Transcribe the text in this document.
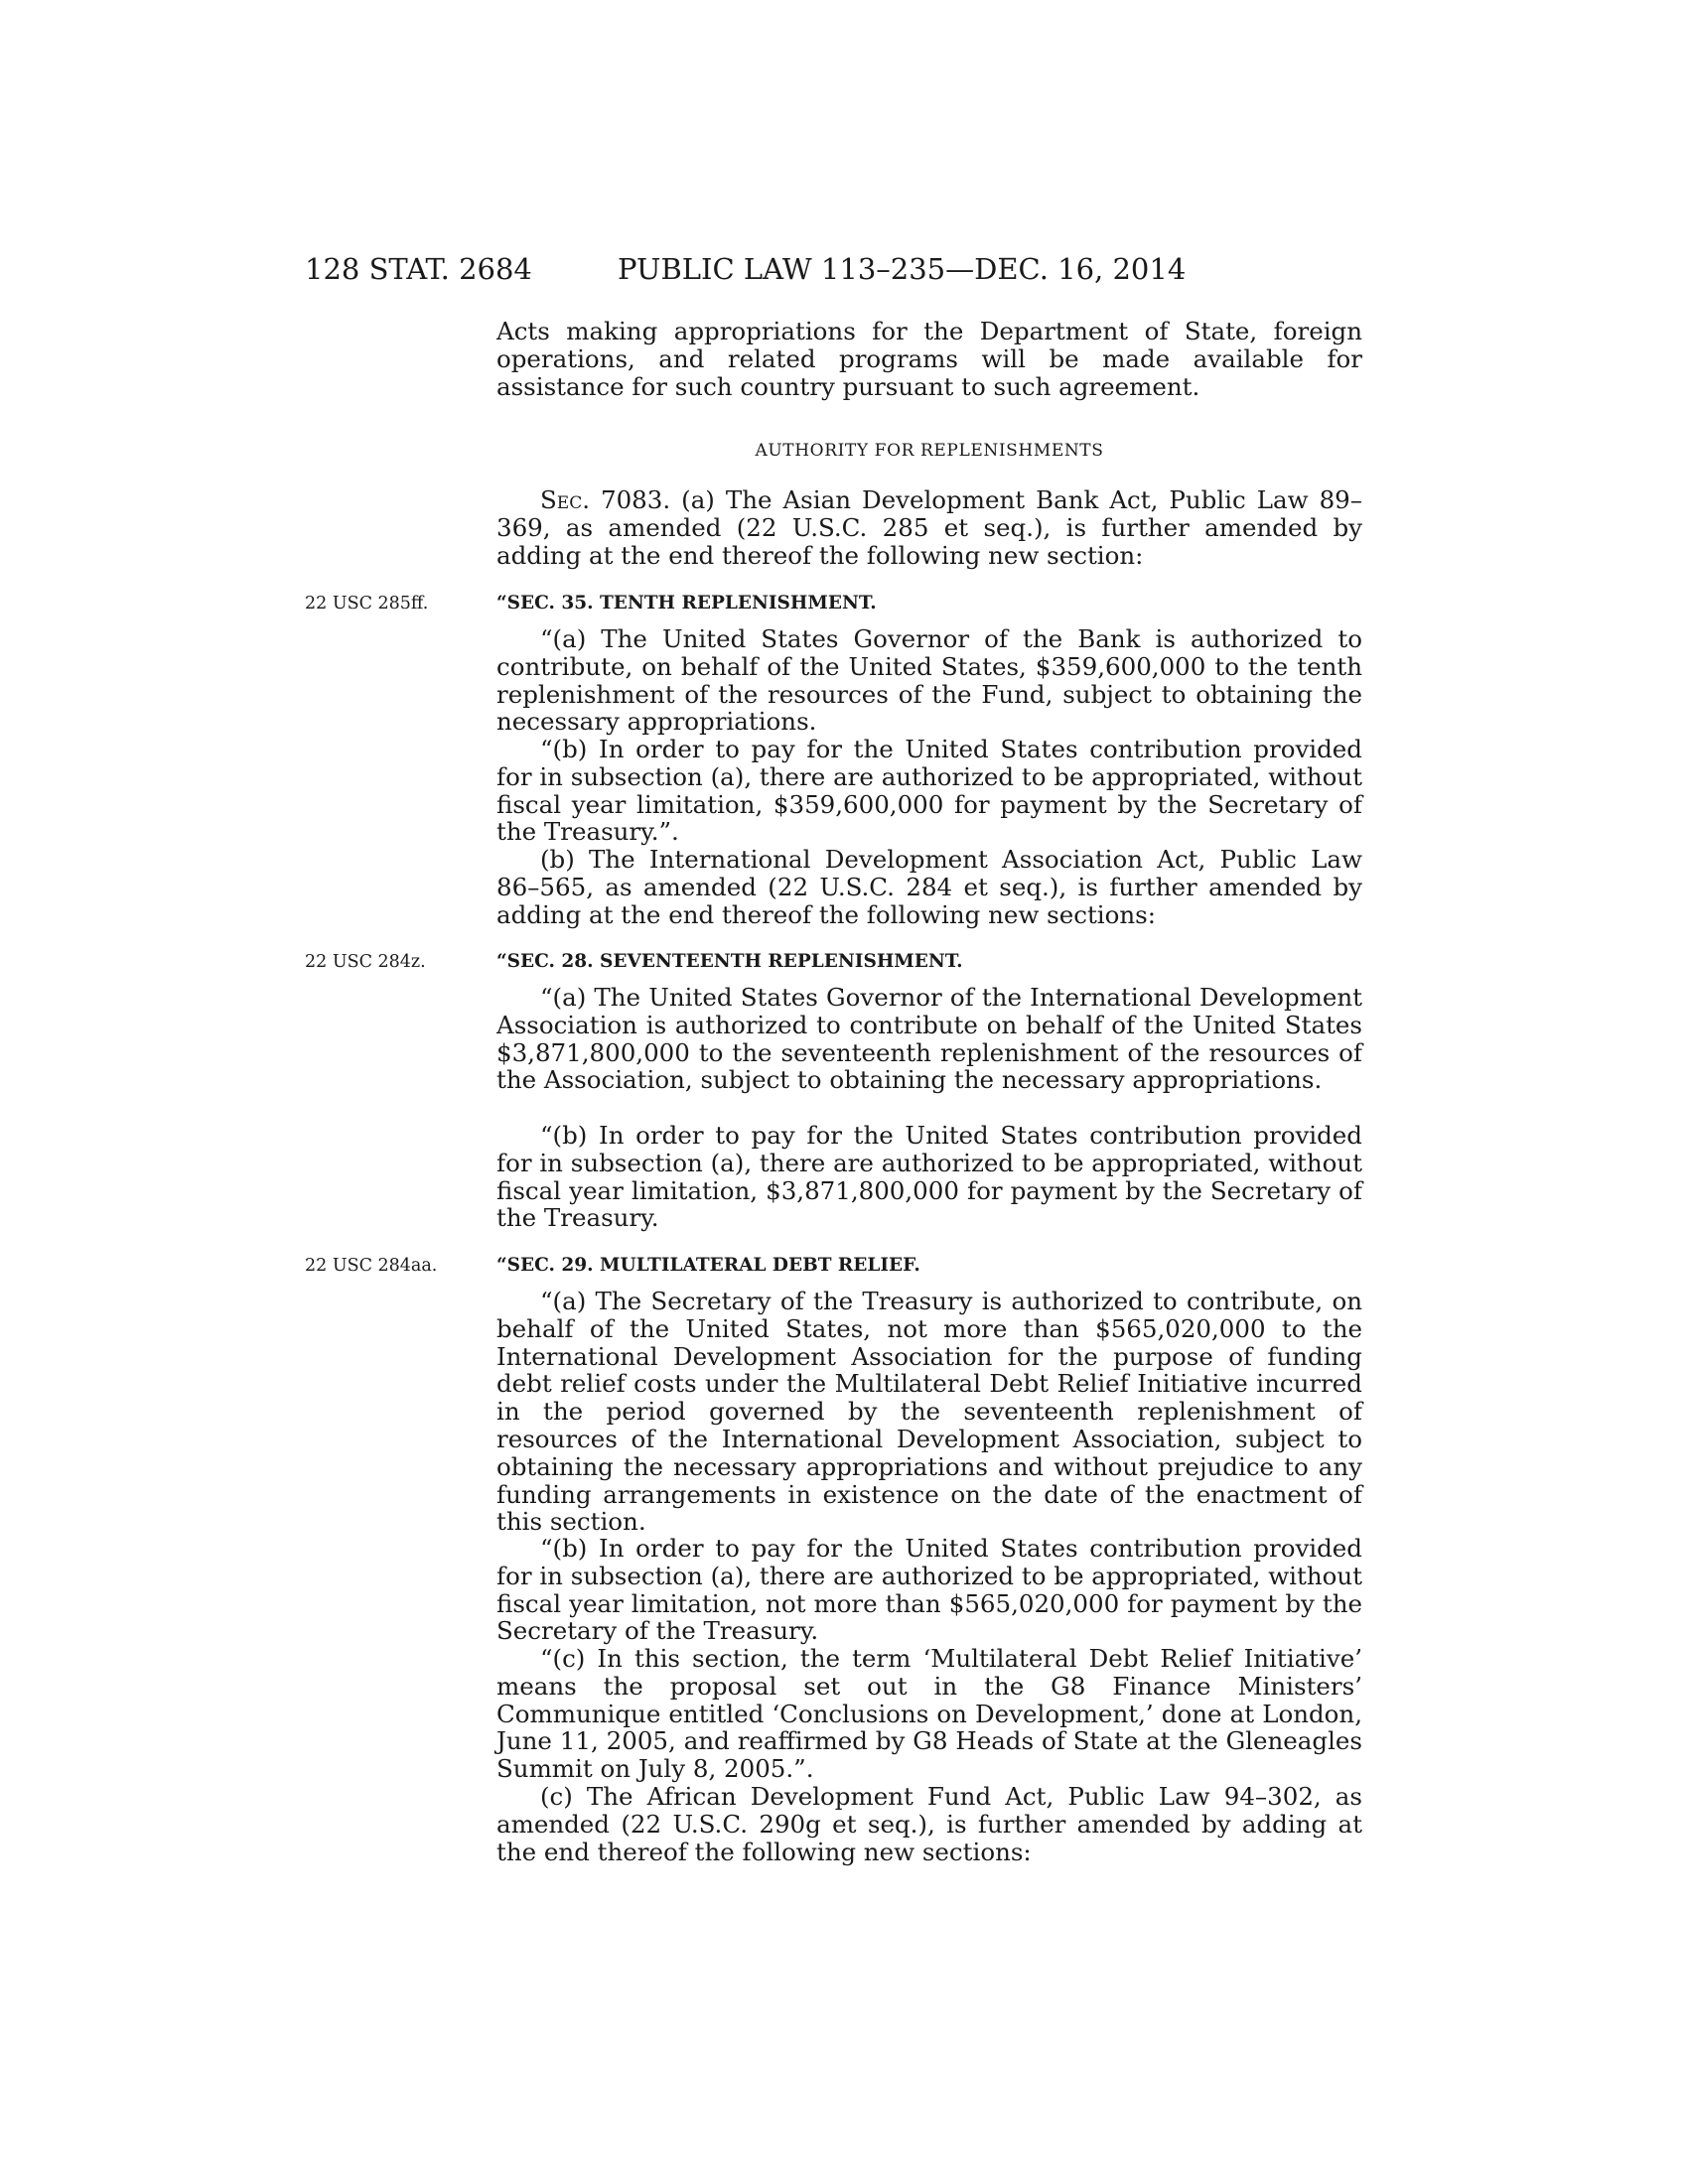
128 STAT. 2684	PUBLIC LAW 113–235—DEC. 16, 2014

Acts making appropriations for the Department of State, foreign operations, and related programs will be made available for assistance for such country pursuant to such agreement.

AUTHORITY FOR REPLENISHMENTS

Sec. 7083. (a) The Asian Development Bank Act, Public Law 89–369, as amended (22 U.S.C. 285 et seq.), is further amended by adding at the end thereof the following new section:

22 USC 285ff.	“SEC. 35. TENTH REPLENISHMENT.

“(a) The United States Governor of the Bank is authorized to contribute, on behalf of the United States, $359,600,000 to the tenth replenishment of the resources of the Fund, subject to obtaining the necessary appropriations.

“(b) In order to pay for the United States contribution provided for in subsection (a), there are authorized to be appropriated, without fiscal year limitation, $359,600,000 for payment by the Secretary of the Treasury.”.

(b) The International Development Association Act, Public Law 86–565, as amended (22 U.S.C. 284 et seq.), is further amended by adding at the end thereof the following new sections:

22 USC 284z.	“SEC. 28. SEVENTEENTH REPLENISHMENT.

“(a) The United States Governor of the International Development Association is authorized to contribute on behalf of the United States $3,871,800,000 to the seventeenth replenishment of the resources of the Association, subject to obtaining the necessary appropriations.

“(b) In order to pay for the United States contribution provided for in subsection (a), there are authorized to be appropriated, without fiscal year limitation, $3,871,800,000 for payment by the Secretary of the Treasury.

22 USC 284aa.	“SEC. 29. MULTILATERAL DEBT RELIEF.

“(a) The Secretary of the Treasury is authorized to contribute, on behalf of the United States, not more than $565,020,000 to the International Development Association for the purpose of funding debt relief costs under the Multilateral Debt Relief Initiative incurred in the period governed by the seventeenth replenishment of resources of the International Development Association, subject to obtaining the necessary appropriations and without prejudice to any funding arrangements in existence on the date of the enactment of this section.

“(b) In order to pay for the United States contribution provided for in subsection (a), there are authorized to be appropriated, without fiscal year limitation, not more than $565,020,000 for payment by the Secretary of the Treasury.

“(c) In this section, the term ‘Multilateral Debt Relief Initiative’ means the proposal set out in the G8 Finance Ministers’ Communique entitled ‘Conclusions on Development,’ done at London, June 11, 2005, and reaffirmed by G8 Heads of State at the Gleneagles Summit on July 8, 2005.”.

(c) The African Development Fund Act, Public Law 94–302, as amended (22 U.S.C. 290g et seq.), is further amended by adding at the end thereof the following new sections:
